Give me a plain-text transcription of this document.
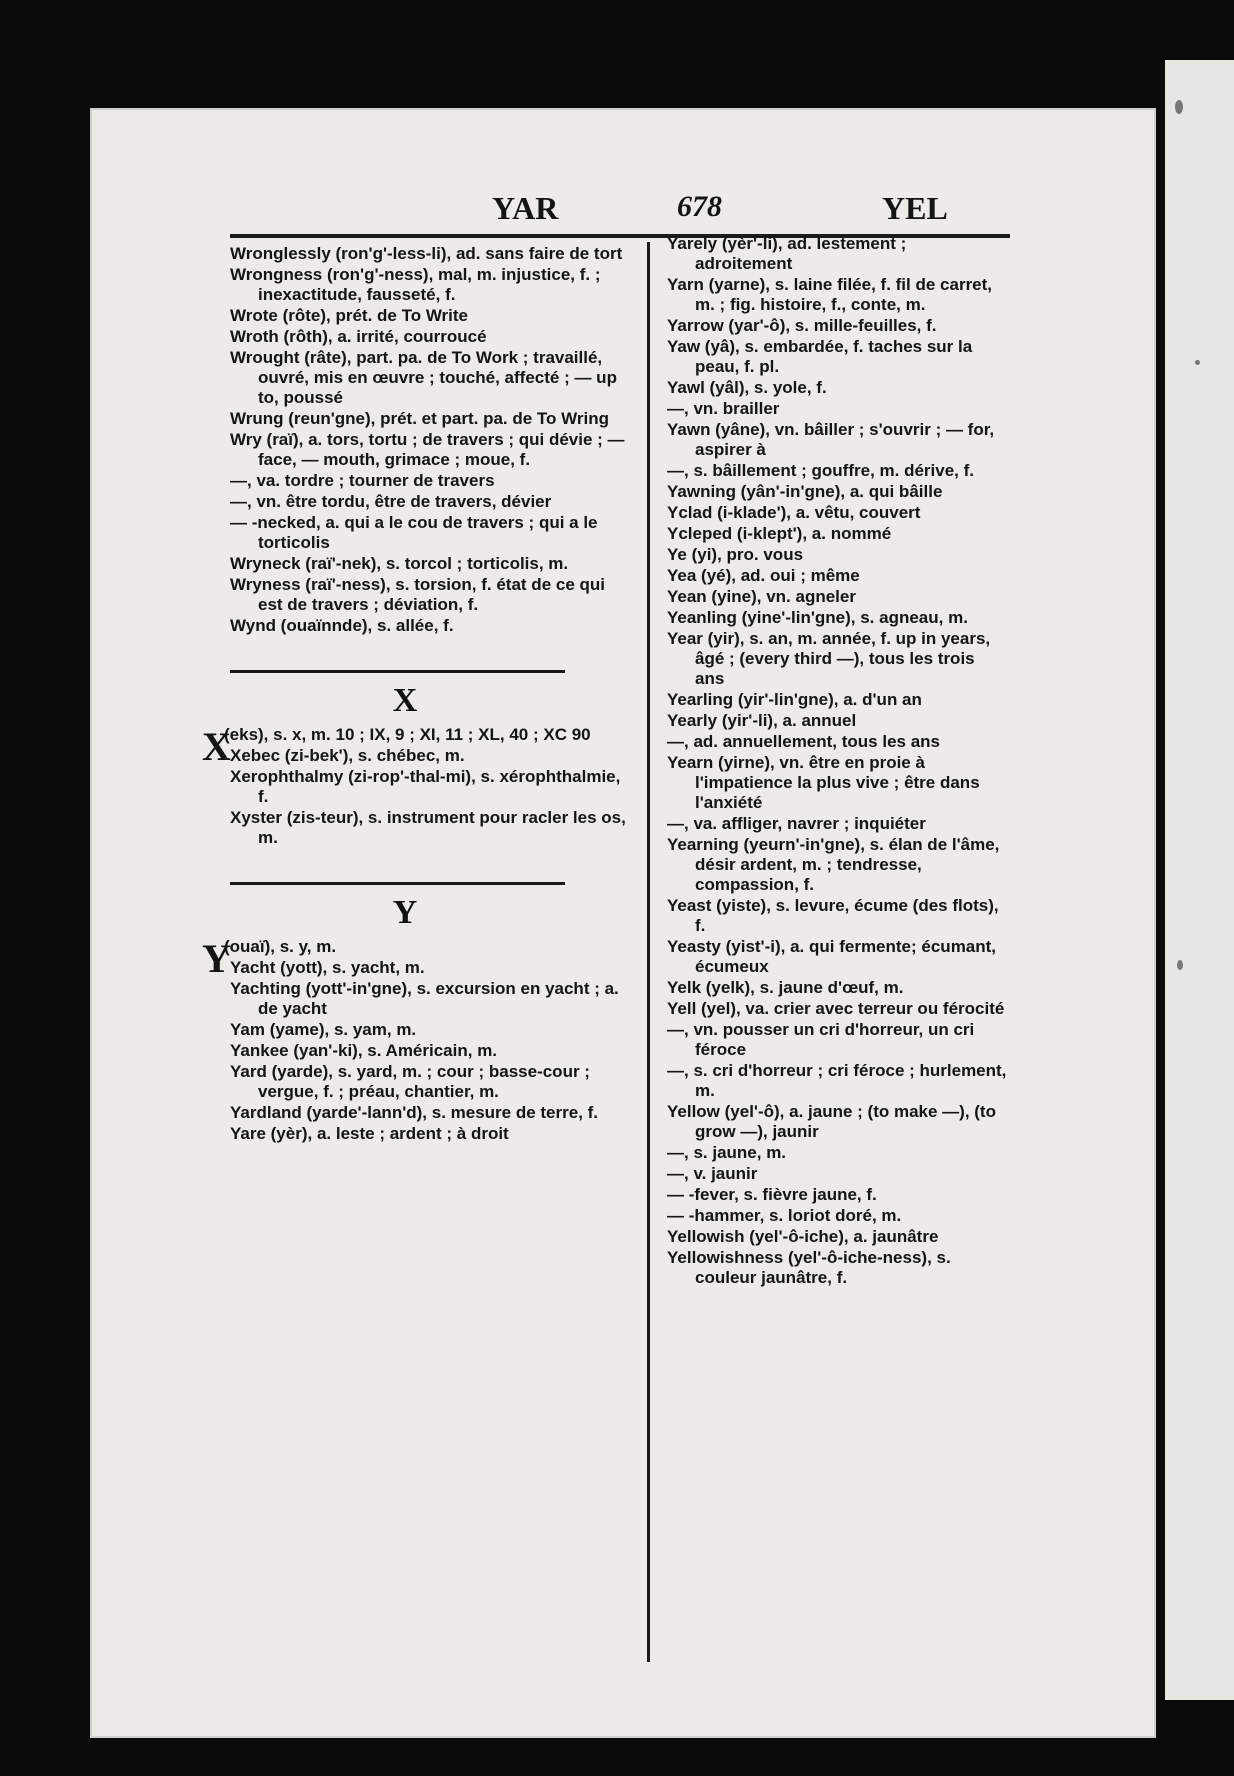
YAR	678	YEL
Wronglessly (ron'g'-less-li), ad. sans faire de tort
Wrongness (ron'g'-ness), mal, m. injustice, f. ; inexactitude, fausseté, f.
Wrote (rôte), prét. de To Write
Wroth (rôth), a. irrité, courroucé
Wrought (râte), part. pa. de To Work ; travaillé, ouvré, mis en œuvre ; touché, affecté ; — up to, poussé
Wrung (reun'gne), prét. et part. pa. de To Wring
Wry (raï), a. tors, tortu ; de travers ; qui dévie ; — face, — mouth, grimace ; moue, f.
—, va. tordre ; tourner de travers
—, vn. être tordu, être de travers, dévier
— -necked, a. qui a le cou de travers ; qui a le torticolis
Wryneck (raï'-nek), s. torcol ; torticolis, m.
Wryness (raï'-ness), s. torsion, f. état de ce qui est de travers ; déviation, f.
Wynd (ouaïnnde), s. allée, f.
X
X
(eks), s. x, m. 10 ; IX, 9 ; XI, 11 ; XL, 40 ; XC 90
Xebec (zi-bek'), s. chébec, m.
Xerophthalmy (zi-rop'-thal-mi), s. xérophthalmie, f.
Xyster (zis-teur), s. instrument pour racler les os, m.
Y
Y
(ouaï), s. y, m.
Yacht (yott), s. yacht, m.
Yachting (yott'-in'gne), s. excursion en yacht ; a. de yacht
Yam (yame), s. yam, m.
Yankee (yan'-ki), s. Américain, m.
Yard (yarde), s. yard, m. ; cour ; basse-cour ; vergue, f. ; préau, chantier, m.
Yardland (yarde'-lann'd), s. mesure de terre, f.
Yare (yèr), a. leste ; ardent ; à droit
Yarely (yèr'-li), ad. lestement ; adroitement
Yarn (yarne), s. laine filée, f. fil de carret, m. ; fig. histoire, f., conte, m.
Yarrow (yar'-ô), s. mille-feuilles, f.
Yaw (yâ), s. embardée, f. taches sur la peau, f. pl.
Yawl (yâl), s. yole, f.
—, vn. brailler
Yawn (yâne), vn. bâiller ; s'ouvrir ; — for, aspirer à
—, s. bâillement ; gouffre, m. dérive, f.
Yawning (yân'-in'gne), a. qui bâille
Yclad (i-klade'), a. vêtu, couvert
Ycleped (i-klept'), a. nommé
Ye (yi), pro. vous
Yea (yé), ad. oui ; même
Yean (yine), vn. agneler
Yeanling (yine'-lin'gne), s. agneau, m.
Year (yir), s. an, m. année, f. up in years, âgé ; (every third —), tous les trois ans
Yearling (yir'-lin'gne), a. d'un an
Yearly (yir'-li), a. annuel
—, ad. annuellement, tous les ans
Yearn (yirne), vn. être en proie à l'impatience la plus vive ; être dans l'anxiété
—, va. affliger, navrer ; inquiéter
Yearning (yeurn'-in'gne), s. élan de l'âme, désir ardent, m. ; tendresse, compassion, f.
Yeast (yiste), s. levure, écume (des flots), f.
Yeasty (yist'-i), a. qui fermente; écumant, écumeux
Yelk (yelk), s. jaune d'œuf, m.
Yell (yel), va. crier avec terreur ou férocité
—, vn. pousser un cri d'horreur, un cri féroce
—, s. cri d'horreur ; cri féroce ; hurlement, m.
Yellow (yel'-ô), a. jaune ; (to make —), (to grow —), jaunir
—, s. jaune, m.
—, v. jaunir
— -fever, s. fièvre jaune, f.
— -hammer, s. loriot doré, m.
Yellowish (yel'-ô-iche), a. jaunâtre
Yellowishness (yel'-ô-iche-ness), s. couleur jaunâtre, f.
